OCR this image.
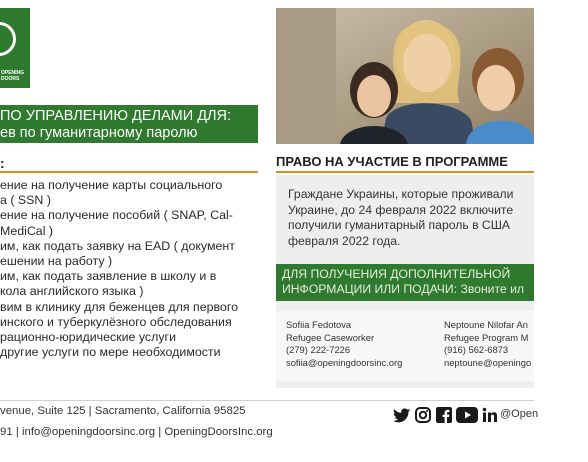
OPENING
DOORS
ПО УПРАВЛЕНИЮ ДЕЛАМИ ДЛЯ:
ев по гуманитарному паролю
:
ение на получение карты социального
а ( SSN )
ение на получение пособий ( SNAP, Cal-
MediCal )
им, как подать заявку на EAD ( документ
ешении на работу )
им, как подать заявление в школу и в
кола английского языка )
вим в клинику для беженцев для первого
инского и туберкулёзного обследования
рационно-юридические услуги
другие услуги по мере необходимости
ПРАВО НА УЧАСТИЕ В ПРОГРАММЕ
Граждане Украины, которые проживали
Украине, до 24 февраля 2022 включите
получили гуманитарный пароль в США
февраля 2022 года.
ДЛЯ ПОЛУЧЕНИЯ ДОПОЛНИТЕЛЬНОЙ
ИНФОРМАЦИИ ИЛИ ПОДАЧИ: Звоните ил
Sofiia Fedotova
Refugee Caseworker
(279) 222-7226
sofiia@openingdoorsinc.org
Neptoune Nilofar An
Refugee Program M
(916) 562-6873
neptoune@openingo
venue, Suite 125 | Sacramento, California 95825
91 | info@openingdoorsinc.org | OpeningDoorsInc.org
@Open
